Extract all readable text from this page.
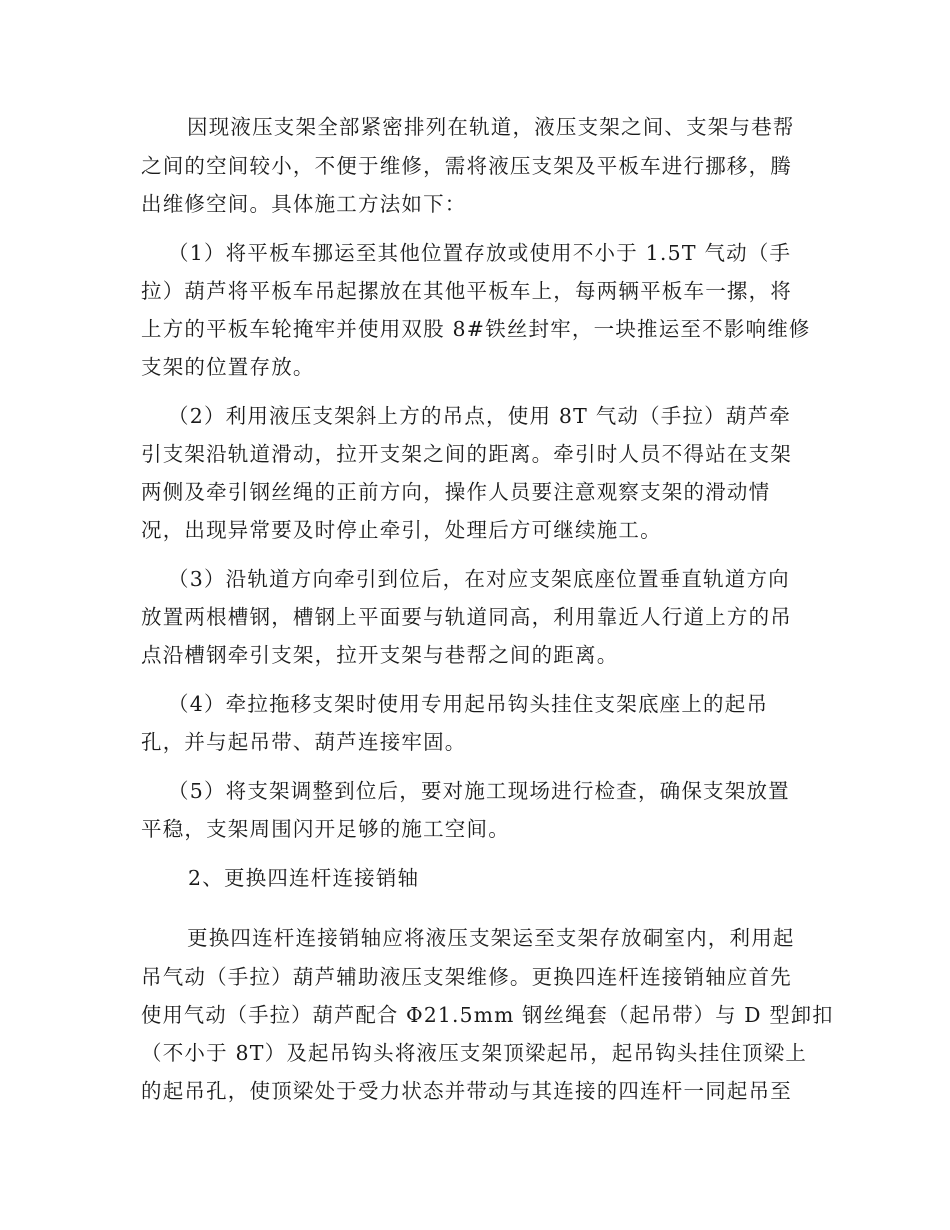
因现液压支架全部紧密排列在轨道，液压支架之间、支架与巷帮
之间的空间较小，不便于维修，需将液压支架及平板车进行挪移，腾
出维修空间。具体施工方法如下：
（1）将平板车挪运至其他位置存放或使用不小于 1.5T 气动（手
拉）葫芦将平板车吊起摞放在其他平板车上，每两辆平板车一摞，将
上方的平板车轮掩牢并使用双股 8#铁丝封牢，一块推运至不影响维修
支架的位置存放。
（2）利用液压支架斜上方的吊点，使用 8T 气动（手拉）葫芦牵
引支架沿轨道滑动，拉开支架之间的距离。牵引时人员不得站在支架
两侧及牵引钢丝绳的正前方向，操作人员要注意观察支架的滑动情
况，出现异常要及时停止牵引，处理后方可继续施工。
（3）沿轨道方向牵引到位后，在对应支架底座位置垂直轨道方向
放置两根槽钢，槽钢上平面要与轨道同高，利用靠近人行道上方的吊
点沿槽钢牵引支架，拉开支架与巷帮之间的距离。
（4）牵拉拖移支架时使用专用起吊钩头挂住支架底座上的起吊
孔，并与起吊带、葫芦连接牢固。
（5）将支架调整到位后，要对施工现场进行检查，确保支架放置
平稳，支架周围闪开足够的施工空间。
2、更换四连杆连接销轴
更换四连杆连接销轴应将液压支架运至支架存放硐室内，利用起
吊气动（手拉）葫芦辅助液压支架维修。更换四连杆连接销轴应首先
使用气动（手拉）葫芦配合 Φ21.5mm 钢丝绳套（起吊带）与 D 型卸扣
（不小于 8T）及起吊钩头将液压支架顶梁起吊，起吊钩头挂住顶梁上
的起吊孔，使顶梁处于受力状态并带动与其连接的四连杆一同起吊至
